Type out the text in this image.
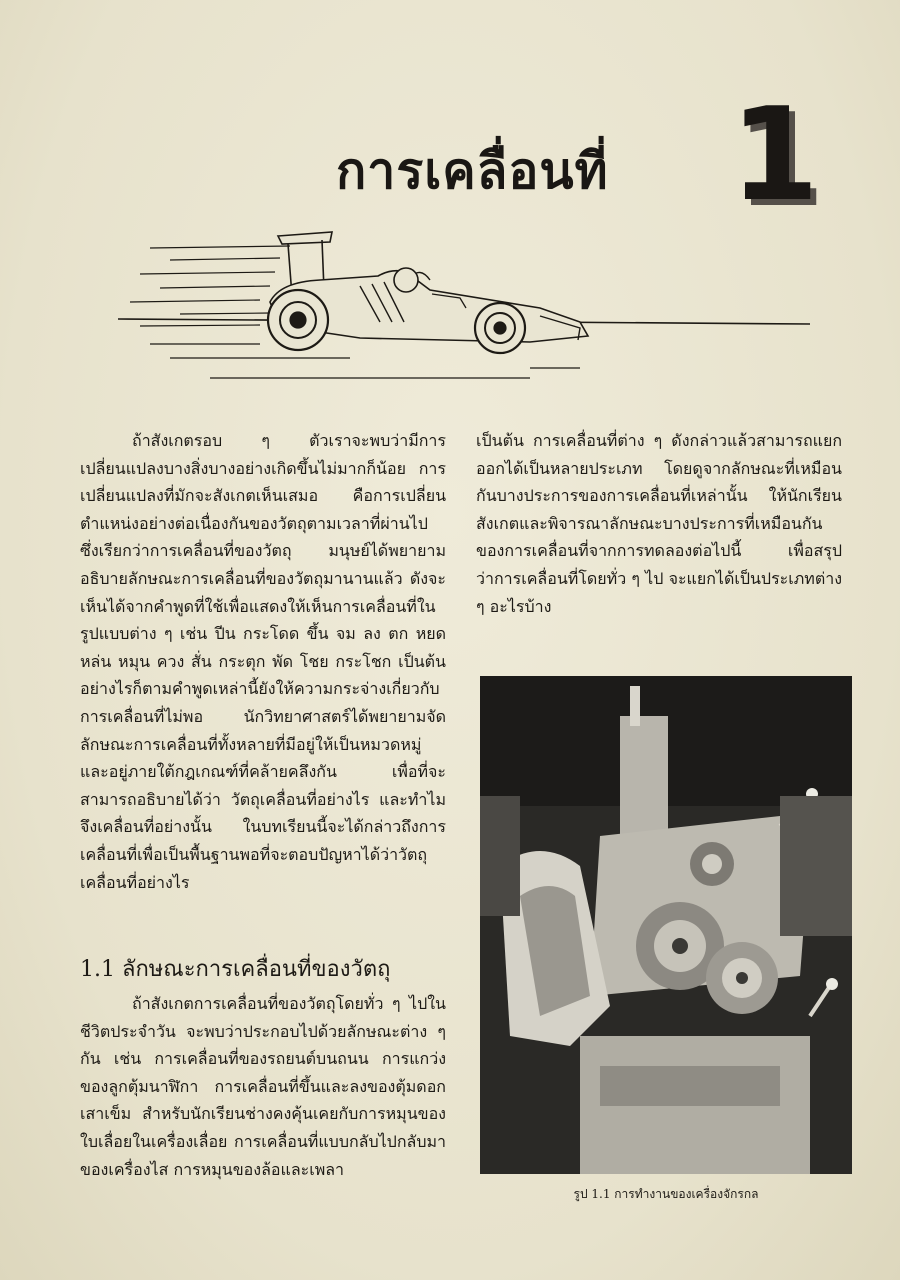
การเคลื่อนที่ 1

ถ้าสังเกตรอบ ๆ ตัวเราจะพบว่ามีการเปลี่ยนแปลงบางสิ่งบางอย่างเกิดขึ้นไม่มากก็น้อย การเปลี่ยนแปลงที่มักจะสังเกตเห็นเสมอ คือการเปลี่ยนตำแหน่งอย่างต่อเนื่องกันของวัตถุตามเวลาที่ผ่านไปซึ่งเรียกว่าการเคลื่อนที่ของวัตถุ มนุษย์ได้พยายามอธิบายลักษณะการเคลื่อนที่ของวัตถุมานานแล้ว ดังจะเห็นได้จากคำพูดที่ใช้เพื่อแสดงให้เห็นการเคลื่อนที่ในรูปแบบต่าง ๆ เช่น ปีน กระโดด ขึ้น จม ลง ตก หยด หล่น หมุน ควง สั่น กระตุก พัด โชย กระโชก เป็นต้น อย่างไรก็ตามคำพูดเหล่านี้ยังให้ความกระจ่างเกี่ยวกับการเคลื่อนที่ไม่พอ นักวิทยาศาสตร์ได้พยายามจัดลักษณะการเคลื่อนที่ทั้งหลายที่มีอยู่ให้เป็นหมวดหมู่และอยู่ภายใต้กฎเกณฑ์ที่คล้ายคลึงกัน เพื่อที่จะสามารถอธิบายได้ว่า วัตถุเคลื่อนที่อย่างไร และทำไมจึงเคลื่อนที่อย่างนั้น ในบทเรียนนี้จะได้กล่าวถึงการเคลื่อนที่เพื่อเป็นพื้นฐานพอที่จะตอบปัญหาได้ว่าวัตถุเคลื่อนที่อย่างไร

เป็นต้น การเคลื่อนที่ต่าง ๆ ดังกล่าวแล้วสามารถแยกออกได้เป็นหลายประเภท โดยดูจากลักษณะที่เหมือนกันบางประการของการเคลื่อนที่เหล่านั้น ให้นักเรียนสังเกตและพิจารณาลักษณะบางประการที่เหมือนกันของการเคลื่อนที่จากการทดลองต่อไปนี้ เพื่อสรุปว่าการเคลื่อนที่โดยทั่ว ๆ ไป จะแยกได้เป็นประเภทต่าง ๆ อะไรบ้าง

1.1 ลักษณะการเคลื่อนที่ของวัตถุ

ถ้าสังเกตการเคลื่อนที่ของวัตถุโดยทั่ว ๆ ไปในชีวิตประจำวัน จะพบว่าประกอบไปด้วยลักษณะต่าง ๆ กัน เช่น การเคลื่อนที่ของรถยนต์บนถนน การแกว่งของลูกตุ้มนาฬิกา การเคลื่อนที่ขึ้นและลงของตุ้มดอกเสาเข็ม สำหรับนักเรียนช่างคงคุ้นเคยกับการหมุนของใบเลื่อยในเครื่องเลื่อย การเคลื่อนที่แบบกลับไปกลับมาของเครื่องไส การหมุนของล้อและเพลา

รูป 1.1 การทำงานของเครื่องจักรกล
